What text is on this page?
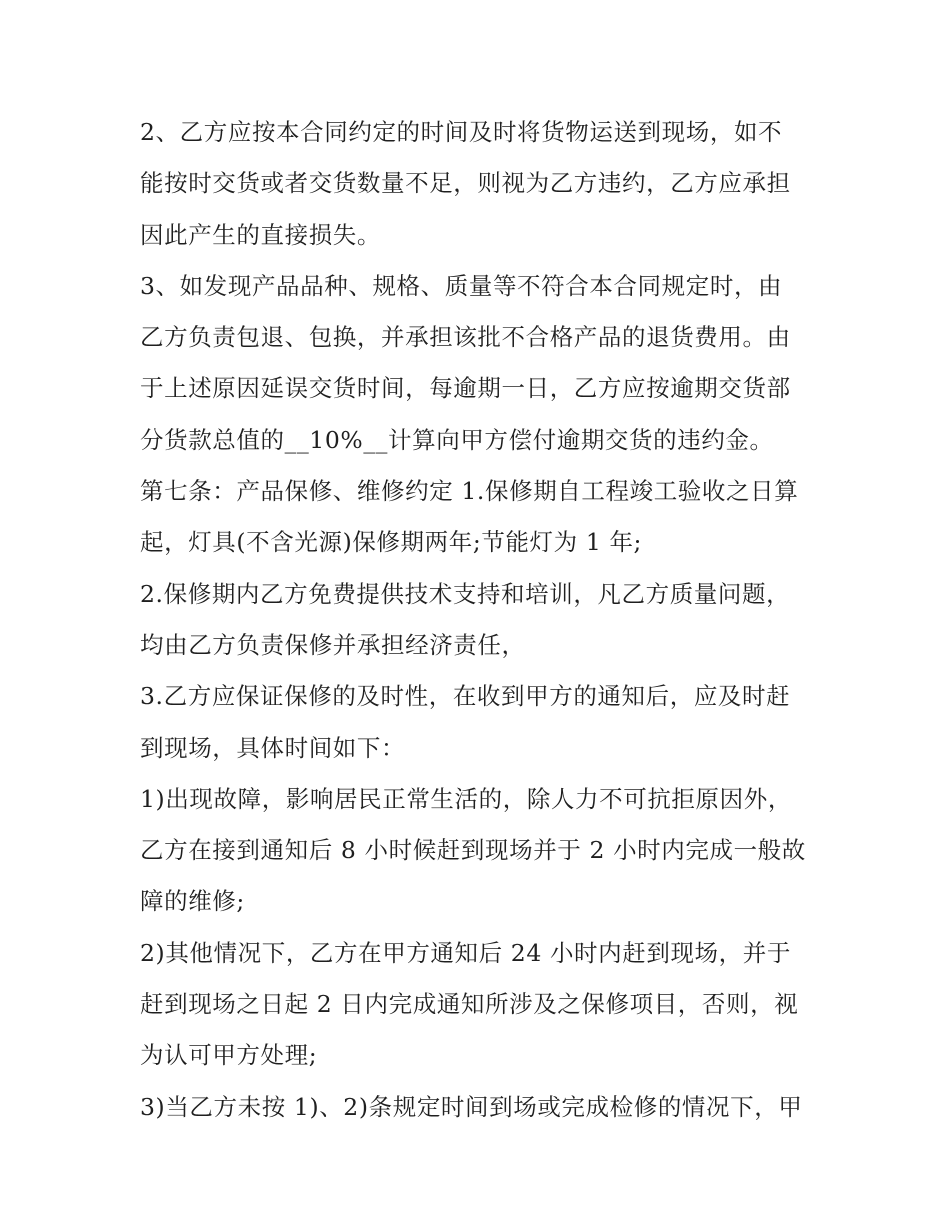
2、乙方应按本合同约定的时间及时将货物运送到现场，如不
能按时交货或者交货数量不足，则视为乙方违约，乙方应承担
因此产生的直接损失。
3、如发现产品品种、规格、质量等不符合本合同规定时，由
乙方负责包退、包换，并承担该批不合格产品的退货费用。由
于上述原因延误交货时间，每逾期一日，乙方应按逾期交货部
分货款总值的__10%__计算向甲方偿付逾期交货的违约金。
第七条：产品保修、维修约定 1.保修期自工程竣工验收之日算
起，灯具(不含光源)保修期两年;节能灯为 1 年;
2.保修期内乙方免费提供技术支持和培训，凡乙方质量问题，
均由乙方负责保修并承担经济责任，
3.乙方应保证保修的及时性，在收到甲方的通知后，应及时赶
到现场，具体时间如下：
1)出现故障，影响居民正常生活的，除人力不可抗拒原因外，
乙方在接到通知后 8 小时候赶到现场并于 2 小时内完成一般故
障的维修;
2)其他情况下，乙方在甲方通知后 24 小时内赶到现场，并于
赶到现场之日起 2 日内完成通知所涉及之保修项目，否则，视
为认可甲方处理;
3)当乙方未按 1)、2)条规定时间到场或完成检修的情况下，甲
